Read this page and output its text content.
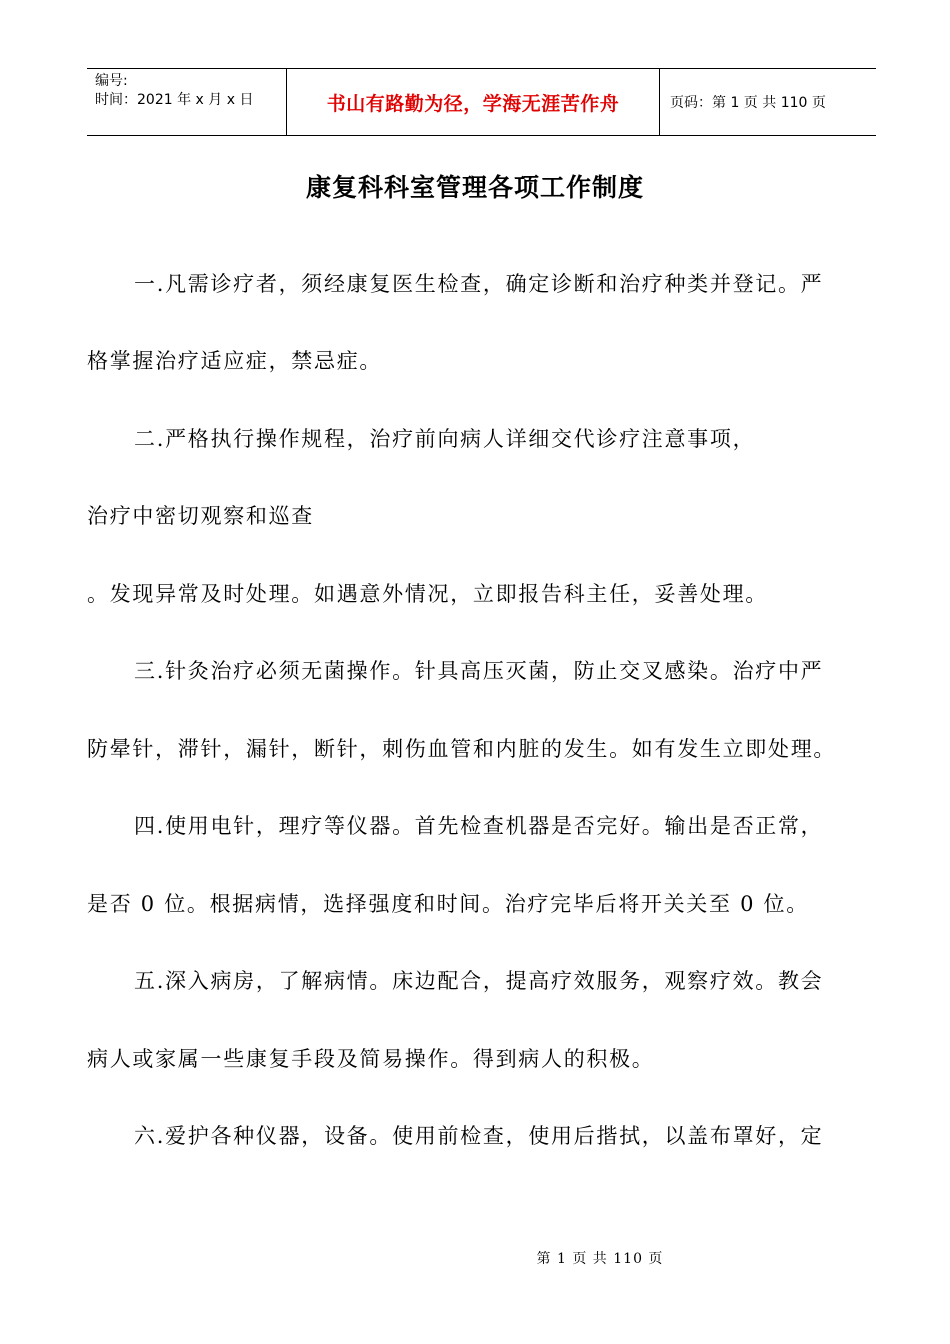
编号:
时间：2021 年 x 月 x 日	书山有路勤为径，学海无涯苦作舟	页码：第 1 页 共 110 页
康复科科室管理各项工作制度
一.凡需诊疗者，须经康复医生检查，确定诊断和治疗种类并登记。严
格掌握治疗适应症，禁忌症。
二.严格执行操作规程，治疗前向病人详细交代诊疗注意事项，
治疗中密切观察和巡查
。发现异常及时处理。如遇意外情况，立即报告科主任，妥善处理。
三.针灸治疗必须无菌操作。针具高压灭菌，防止交叉感染。治疗中严
防晕针，滞针，漏针，断针，刺伤血管和内脏的发生。如有发生立即处理。
四.使用电针，理疗等仪器。首先检查机器是否完好。输出是否正常，
是否 0 位。根据病情，选择强度和时间。治疗完毕后将开关关至 0 位。
五.深入病房，了解病情。床边配合，提高疗效服务，观察疗效。教会
病人或家属一些康复手段及简易操作。得到病人的积极。
六.爱护各种仪器，设备。使用前检查，使用后揩拭，以盖布罩好，定
第 1 页 共 110 页
